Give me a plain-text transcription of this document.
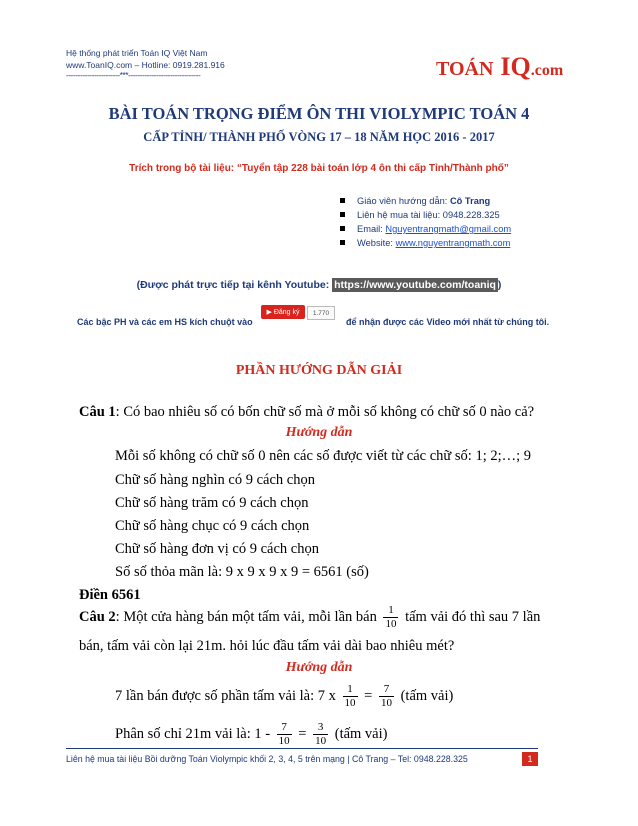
Hệ thống phát triển Toán IQ Việt Nam
www.ToanIQ.com – Hotline: 0919.281.916
-----------------------***-------------------------------	TOÁN IQ.com
BÀI TOÁN TRỌNG ĐIỂM ÔN THI VIOLYMPIC TOÁN 4
CẤP TỈNH/ THÀNH PHỐ VÒNG 17 – 18 NĂM HỌC 2016 - 2017
Trích trong bộ tài liệu: “Tuyển tập 228 bài toán lớp 4 ôn thi cấp Tỉnh/Thành phố”
Giáo viên hướng dẫn: Cô Trang
Liên hệ mua tài liệu: 0948.228.325
Email: Nguyentrangmath@gmail.com
Website: www.nguyentrangmath.com
(Được phát trực tiếp tại kênh Youtube: https://www.youtube.com/toaniq )
Các bậc PH và các em HS kích chuột vào
▶ Đăng ký	1.770
để nhận được các Video mới nhất từ chúng tôi.
PHẦN HƯỚNG DẪN GIẢI
Câu 1: Có bao nhiêu số có bốn chữ số mà ở mỗi số không có chữ số 0 nào cả?
Hướng dẫn
Mỗi số không có chữ số 0 nên các số được viết từ các chữ số: 1; 2;…; 9
Chữ số hàng nghìn có 9 cách chọn
Chữ số hàng trăm có 9 cách chọn
Chữ số hàng chục có 9 cách chọn
Chữ số hàng đơn vị có 9 cách chọn
Số số thỏa mãn là: 9 x 9 x 9 x 9 = 6561 (số)
Điền 6561
Câu 2: Một cửa hàng bán một tấm vải, mỗi lần bán $\frac{1}{10}$ tấm vải đó thì sau 7 lần
bán, tấm vải còn lại 21m. hỏi lúc đầu tấm vải dài bao nhiêu mét?
Hướng dẫn
7 lần bán được số phần tấm vải là: 7 x $\frac{1}{10} = \frac{7}{10}$ (tấm vải)
Phân số chỉ 21m vải là: $1 - \frac{7}{10} = \frac{3}{10}$ (tấm vải)
Liên hệ mua tài liệu Bồi dưỡng Toán Violympic khối 2, 3, 4, 5 trên mạng | Cô Trang – Tel: 0948.228.325	1
